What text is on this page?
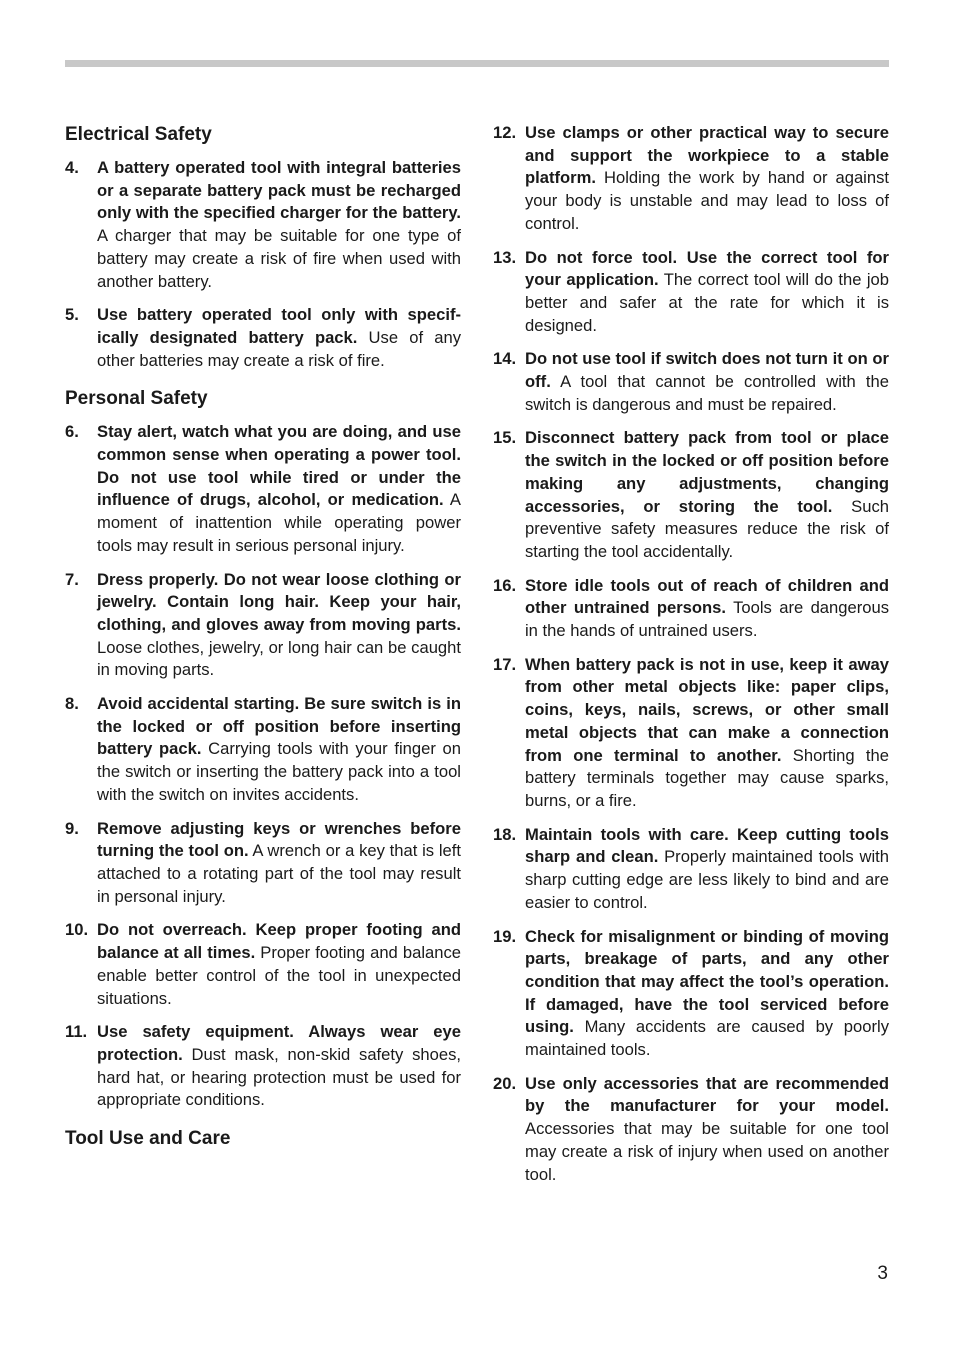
Electrical Safety
4.	A battery operated tool with integral batteries or a separate battery pack must be recharged only with the specified charger for the battery. A charger that may be suitable for one type of battery may create a risk of fire when used with another battery.
5.	Use battery operated tool only with specifically designated battery pack. Use of any other batteries may create a risk of fire.
Personal Safety
6.	Stay alert, watch what you are doing, and use common sense when operating a power tool. Do not use tool while tired or under the influence of drugs, alcohol, or medication. A moment of inattention while operating power tools may result in serious personal injury.
7.	Dress properly. Do not wear loose clothing or jewelry. Contain long hair. Keep your hair, clothing, and gloves away from moving parts. Loose clothes, jewelry, or long hair can be caught in moving parts.
8.	Avoid accidental starting. Be sure switch is in the locked or off position before inserting battery pack. Carrying tools with your finger on the switch or inserting the battery pack into a tool with the switch on invites accidents.
9.	Remove adjusting keys or wrenches before turning the tool on. A wrench or a key that is left attached to a rotating part of the tool may result in personal injury.
10. Do not overreach. Keep proper footing and balance at all times. Proper footing and balance enable better control of the tool in unexpected situations.
11. Use safety equipment. Always wear eye protection. Dust mask, non-skid safety shoes, hard hat, or hearing protection must be used for appropriate conditions.
Tool Use and Care
12. Use clamps or other practical way to secure and support the workpiece to a stable platform. Holding the work by hand or against your body is unstable and may lead to loss of control.
13. Do not force tool. Use the correct tool for your application. The correct tool will do the job better and safer at the rate for which it is designed.
14. Do not use tool if switch does not turn it on or off. A tool that cannot be controlled with the switch is dangerous and must be repaired.
15. Disconnect battery pack from tool or place the switch in the locked or off position before making any adjustments, changing accessories, or storing the tool. Such preventive safety measures reduce the risk of starting the tool accidentally.
16. Store idle tools out of reach of children and other untrained persons. Tools are dangerous in the hands of untrained users.
17. When battery pack is not in use, keep it away from other metal objects like: paper clips, coins, keys, nails, screws, or other small metal objects that can make a connection from one terminal to another. Shorting the battery terminals together may cause sparks, burns, or a fire.
18. Maintain tools with care. Keep cutting tools sharp and clean. Properly maintained tools with sharp cutting edge are less likely to bind and are easier to control.
19. Check for misalignment or binding of moving parts, breakage of parts, and any other condition that may affect the tool’s operation. If damaged, have the tool serviced before using. Many accidents are caused by poorly maintained tools.
20. Use only accessories that are recommended by the manufacturer for your model. Accessories that may be suitable for one tool may create a risk of injury when used on another tool.
3
